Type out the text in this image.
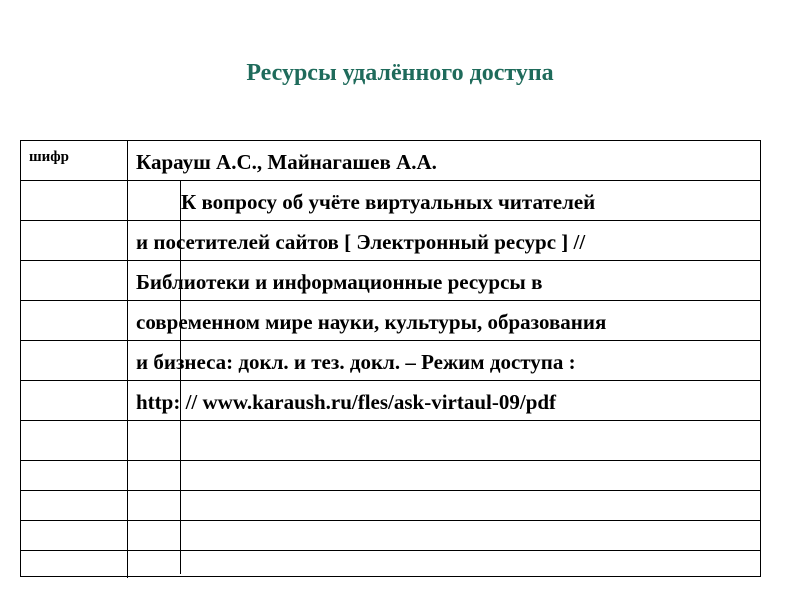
Ресурсы удалённого доступа
шифр	Карауш А.С., Майнагашев А.А.
К вопросу об учёте виртуальных читателей
и посетителей сайтов [ Электронный ресурс ] //
Библиотеки и информационные ресурсы в
современном мире науки, культуры, образования
и бизнеса: докл. и тез. докл. – Режим доступа :
http: // www.karaush.ru/fles/ask-virtaul-09/pdf
